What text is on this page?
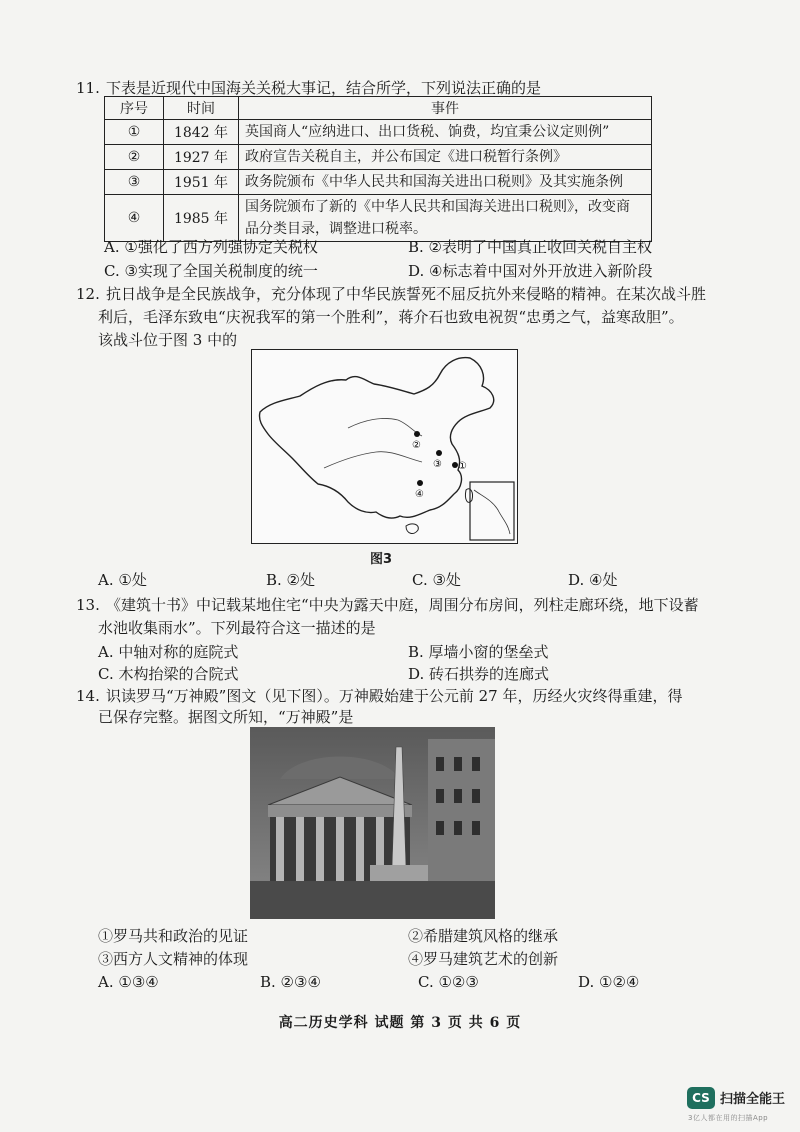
11. 下表是近现代中国海关关税大事记，结合所学，下列说法正确的是
序号	时间	事件
①	1842 年	英国商人“应纳进口、出口货税、饷费，均宜秉公议定则例”
②	1927 年	政府宣告关税自主，并公布国定《进口税暂行条例》
③	1951 年	政务院颁布《中华人民共和国海关进出口税则》及其实施条例
④	1985 年	国务院颁布了新的《中华人民共和国海关进出口税则》，改变商
品分类目录，调整进口税率。
A. ①强化了西方列强协定关税权	B. ②表明了中国真正收回关税自主权
C. ③实现了全国关税制度的统一	D. ④标志着中国对外开放进入新阶段
12. 抗日战争是全民族战争，充分体现了中华民族誓死不屈反抗外来侵略的精神。在某次战斗胜
利后，毛泽东致电“庆祝我军的第一个胜利”，蒋介石也致电祝贺“忠勇之气，益寒敌胆”。
该战斗位于图 3 中的
②
③ ①
④
图3
A. ①处	B. ②处	C. ③处	D. ④处
13. 《建筑十书》中记载某地住宅“中央为露天中庭，周围分布房间，列柱走廊环绕，地下设蓄
水池收集雨水”。下列最符合这一描述的是
A. 中轴对称的庭院式	B. 厚墙小窗的堡垒式
C. 木构抬梁的合院式	D. 砖石拱券的连廊式
14. 识读罗马“万神殿”图文（见下图）。万神殿始建于公元前 27 年，历经火灾终得重建，得
已保存完整。据图文所知，“万神殿”是
①罗马共和政治的见证	②希腊建筑风格的继承
③西方人文精神的体现	④罗马建筑艺术的创新
A. ①③④	B. ②③④	C. ①②③	D. ①②④
高二历史学科 试题 第 3 页 共 6 页
CS 扫描全能王
3亿人都在用的扫描App
